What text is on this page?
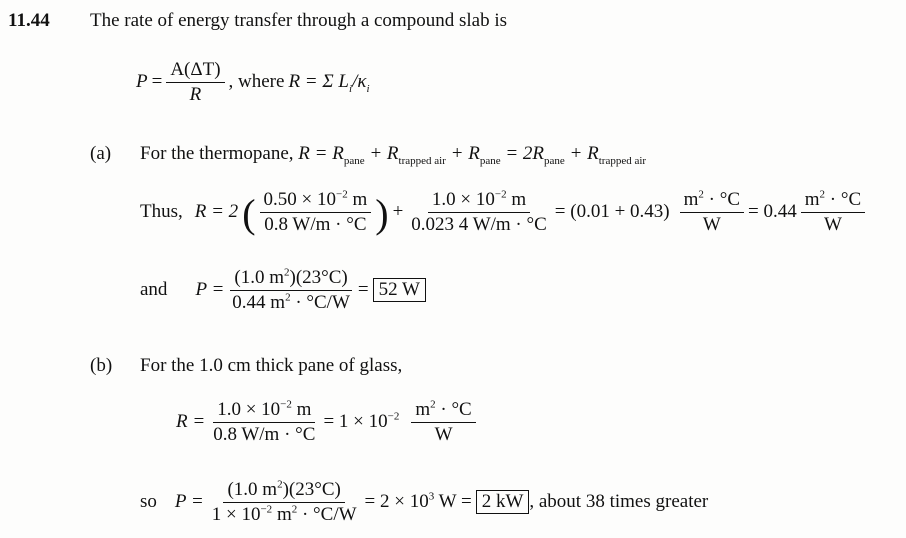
11.44 The rate of energy transfer through a compound slab is
$P = \frac{A(\Delta T)}{R}$ , where R = Σ $L_i/\kappa_i$
(a) For the thermopane, $R = R_{pane} + R_{trapped air} + R_{pane} = 2R_{pane} + R_{trapped air}$
Thus, R = 2 ( $\frac{0.50 \times 10^{-2} m}{0.8 W/m \cdot ^\circ C}$ ) + $\frac{1.0 \times 10^{-2} m}{0.023 4 W/m \cdot ^\circ C} = (0.01 + 0.43) \frac{m^2 \cdot ^\circ C}{W} = 0.44 \frac{m^2 \cdot ^\circ C}{W}$
and $P = \frac{(1.0 m^2)(23^\circ C)}{0.44 m^2 \cdot ^\circ C/W} = 52$ W
(b) For the 1.0 cm thick pane of glass,
$R = \frac{1.0 \times 10^{-2} m}{0.8 W/m \cdot ^\circ C} = 1 \times 10^{-2} \frac{m^2 \cdot ^\circ C}{W}$
so $P = \frac{(1.0 m^2)(23^\circ C)}{1 \times 10^{-2} m^2 \cdot ^\circ C/W} = 2 \times 10^3$ W = 2 kW , about 38 times greater
